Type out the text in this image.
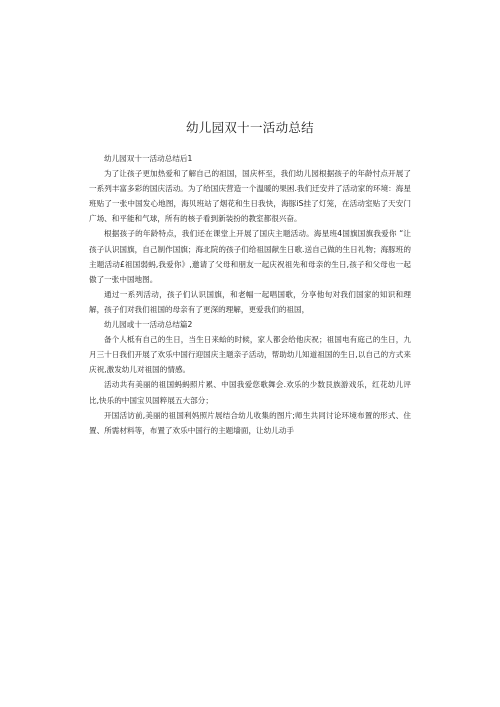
幼儿园双十一活动总结

幼儿园双十一活动总结后1

为了让孩子更加热爱和了解自己的祖国，国庆杯至，我们幼儿园根据孩子的年龄忖点开展了一系列丰富多彩的国庆活动。为了给国庆营造一个温暖的果困.我们迁安并了活动家的环境：海星班贴了一张中国发心地图，海贝班站了烟花和生日我快，海豚iS挂了灯笼，在活动室贴了天安门广场、和平能和气球，所有的核子看到新装扮的教室都很兴奋。

根据孩子的年龄特点，我们还在课堂上开展了国庆主题活动。海星班4国旗国旗我爱你 “让孩子认识国旗，自己制作国旗；海北院的孩子们给祖国献生日歌.送自己做的生日礼物；海豚班的主题活动£祖国弱蚂,我爱你》,邀请了父母和朋友一起庆祝祖先和母亲的生日,孩子和父母也一起傲了一张中国地图。

通过一系列活动，孩子们认识国旗，和老幅一起唱国歌，分享他旬对我们国家的知识和理解，孩子们对我们祖国的母亲有了更深的理解，更爱我们的祖国，

幼儿园或十一活动总结篇2

备个人柢有自己的生日，当生日来蛤的时候，家人都会给他庆祝；祖国电有庭己的生日，九月三十日我们开展了欢乐中国行迎国庆主题亲子活动，帮助幼儿知道祖国的生日,以自己的方式来庆祝,激发幼儿对祖国的情感。

活动共有美丽的祖国蚂蚂照片累、中国我爱您歌舞会.欢乐的少数艮族游戏乐，红花幼儿评比,快乐的中国宝贝国粹展五大部分；

开国活访前,美丽的祖国利妈照片展结合幼儿收集的图片;师生共同讨论环境布置的形式、住置、所需材料等，布置了欢乐中国行的主题墙面，让幼儿动手
